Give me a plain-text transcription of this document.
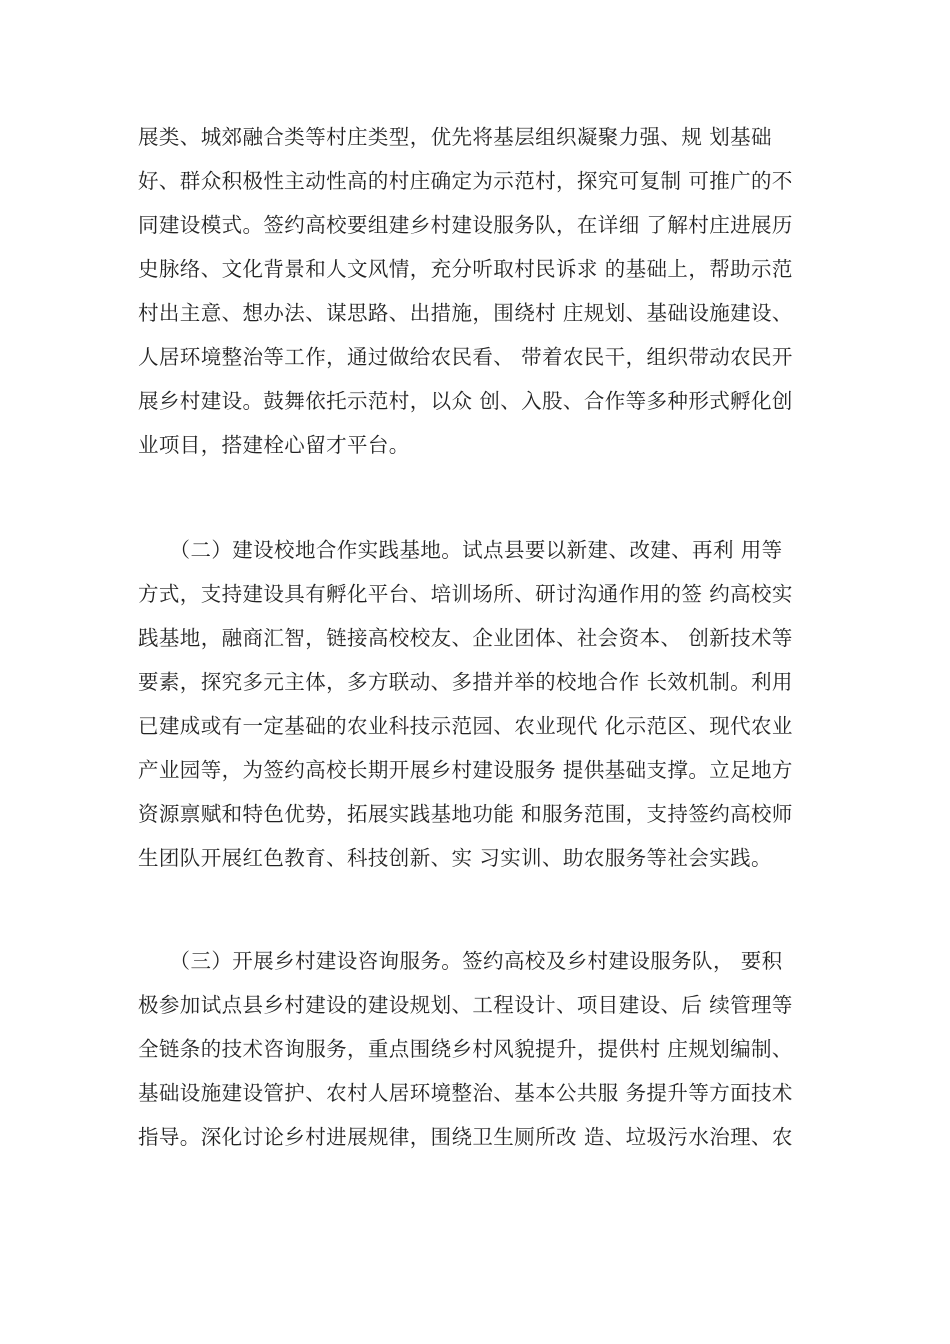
展类、城郊融合类等村庄类型，优先将基层组织凝聚力强、规 划基础
好、群众积极性主动性高的村庄确定为示范村，探究可复制 可推广的不
同建设模式。签约高校要组建乡村建设服务队，在详细 了解村庄进展历
史脉络、文化背景和人文风情，充分听取村民诉求 的基础上，帮助示范
村出主意、想办法、谋思路、出措施，围绕村 庄规划、基础设施建设、
人居环境整治等工作，通过做给农民看、 带着农民干，组织带动农民开
展乡村建设。鼓舞依托示范村，以众 创、入股、合作等多种形式孵化创
业项目，搭建栓心留才平台。
　　（二）建设校地合作实践基地。试点县要以新建、改建、再利 用等
方式，支持建设具有孵化平台、培训场所、研讨沟通作用的签 约高校实
践基地，融商汇智，链接高校校友、企业团体、社会资本、 创新技术等
要素，探究多元主体，多方联动、多措并举的校地合作 长效机制。利用
已建成或有一定基础的农业科技示范园、农业现代 化示范区、现代农业
产业园等，为签约高校长期开展乡村建设服务 提供基础支撑。立足地方
资源禀赋和特色优势，拓展实践基地功能 和服务范围，支持签约高校师
生团队开展红色教育、科技创新、实 习实训、助农服务等社会实践。
　　（三）开展乡村建设咨询服务。签约高校及乡村建设服务队， 要积
极参加试点县乡村建设的建设规划、工程设计、项目建设、后 续管理等
全链条的技术咨询服务，重点围绕乡村风貌提升，提供村 庄规划编制、
基础设施建设管护、农村人居环境整治、基本公共服 务提升等方面技术
指导。深化讨论乡村进展规律，围绕卫生厕所改 造、垃圾污水治理、农
